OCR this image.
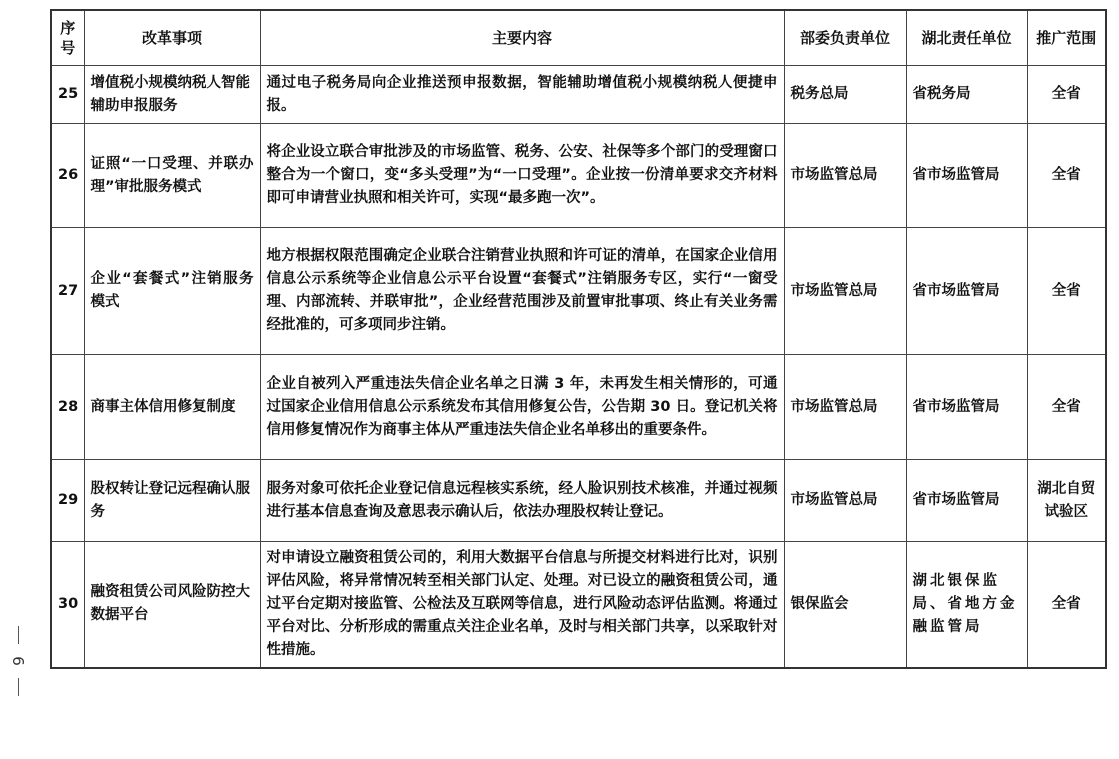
序号	改革事项	主要内容	部委负责单位	湖北责任单位	推广范围
25	增值税小规模纳税人智能辅助申报服务	通过电子税务局向企业推送预申报数据，智能辅助增值税小规模纳税人便捷申报。	税务总局	省税务局	全省
26	证照“一口受理、并联办理”审批服务模式	将企业设立联合审批涉及的市场监管、税务、公安、社保等多个部门的受理窗口整合为一个窗口，变“多头受理”为“一口受理”。企业按一份清单要求交齐材料即可申请营业执照和相关许可，实现“最多跑一次”。	市场监管总局	省市场监管局	全省
27	企业“套餐式”注销服务模式	地方根据权限范围确定企业联合注销营业执照和许可证的清单，在国家企业信用信息公示系统等企业信息公示平台设置“套餐式”注销服务专区，实行“一窗受理、内部流转、并联审批”，企业经营范围涉及前置审批事项、终止有关业务需经批准的，可多项同步注销。	市场监管总局	省市场监管局	全省
28	商事主体信用修复制度	企业自被列入严重违法失信企业名单之日满 3 年，未再发生相关情形的，可通过国家企业信用信息公示系统发布其信用修复公告，公告期 30 日。登记机关将信用修复情况作为商事主体从严重违法失信企业名单移出的重要条件。	市场监管总局	省市场监管局	全省
29	股权转让登记远程确认服务	服务对象可依托企业登记信息远程核实系统，经人脸识别技术核准，并通过视频进行基本信息查询及意思表示确认后，依法办理股权转让登记。	市场监管总局	省市场监管局	湖北自贸试验区
30	融资租赁公司风险防控大数据平台	对申请设立融资租赁公司的，利用大数据平台信息与所提交材料进行比对，识别评估风险，将异常情况转至相关部门认定、处理。对已设立的融资租赁公司，通过平台定期对接监管、公检法及互联网等信息，进行风险动态评估监测。将通过平台对比、分析形成的需重点关注企业名单，及时与相关部门共享，以采取针对性措施。	银保监会	湖北银保监局、省地方金融监管局	全省
6
